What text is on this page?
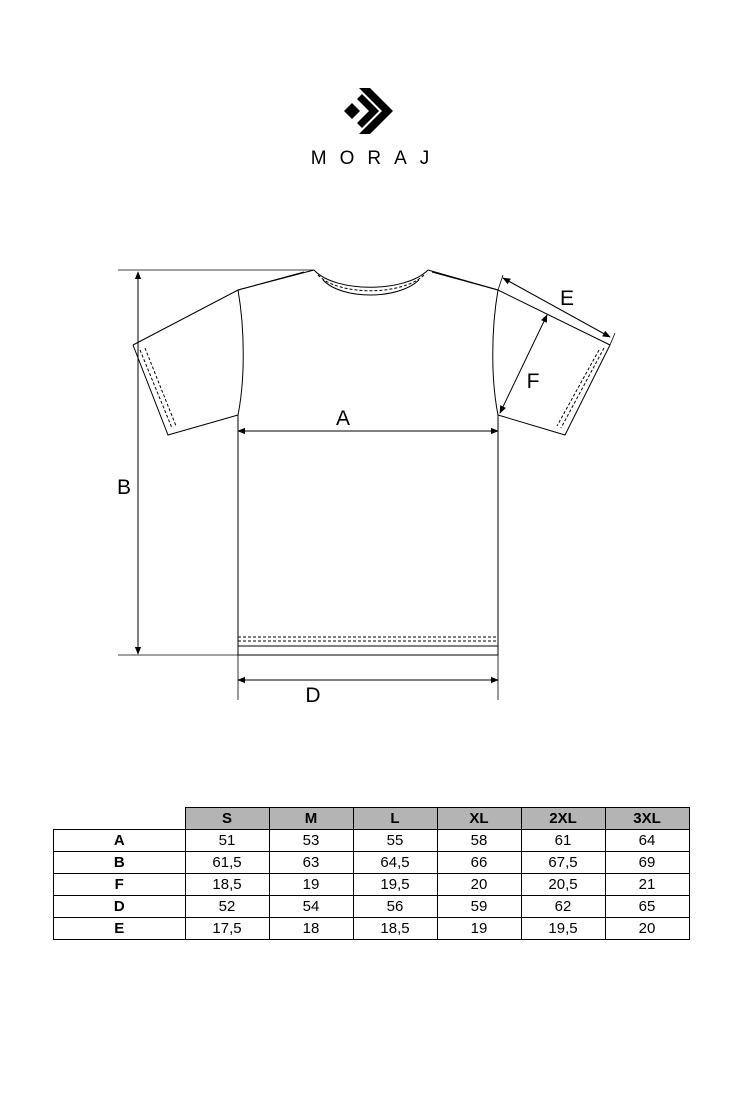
MORAJ
A
B
D
E
F
	S	M	L	XL	2XL	3XL
A	51	53	55	58	61	64
B	61,5	63	64,5	66	67,5	69
F	18,5	19	19,5	20	20,5	21
D	52	54	56	59	62	65
E	17,5	18	18,5	19	19,5	20
